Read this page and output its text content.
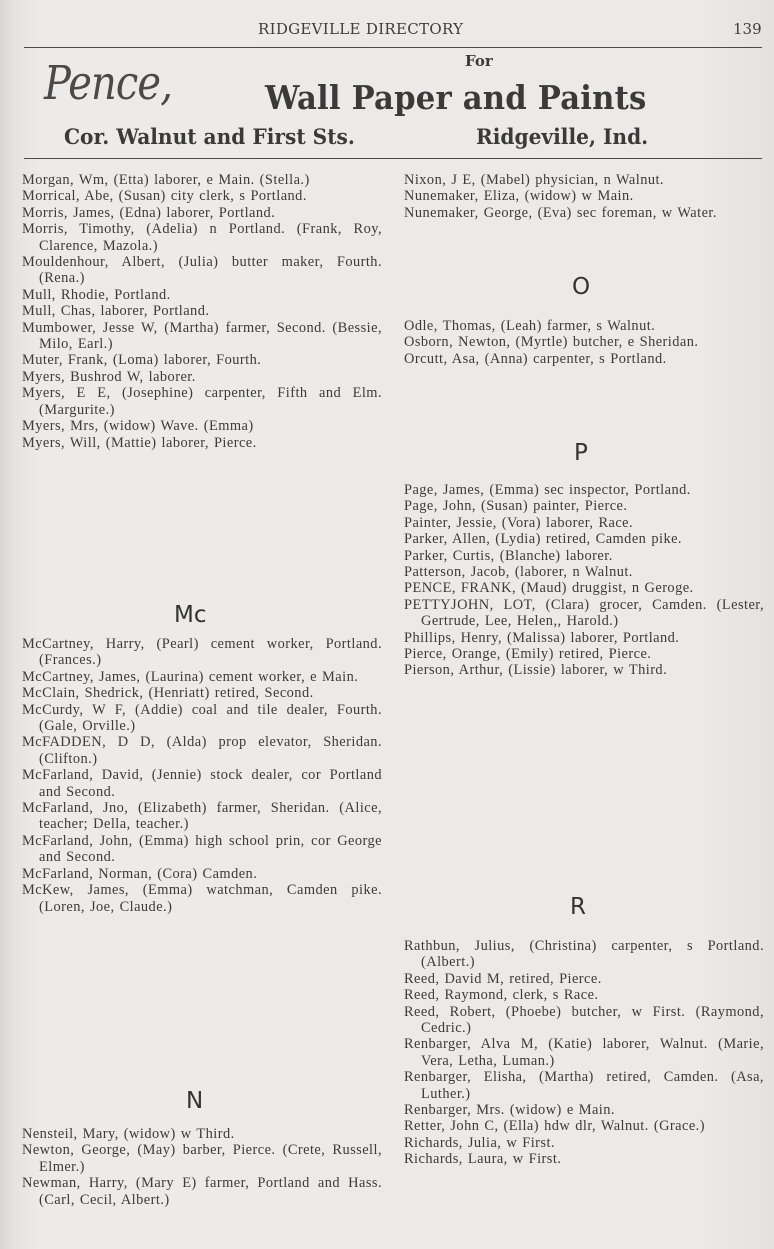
RIDGEVILLE DIRECTORY	139
Pence,	For
Wall Paper and Paints
Cor. Walnut and First Sts.	Ridgeville, Ind.
Morgan, Wm, (Etta) laborer, e Main. (Stella.)
Morrical, Abe, (Susan) city clerk, s Portland.
Morris, James, (Edna) laborer, Portland.
Morris, Timothy, (Adelia) n Portland. (Frank, Roy, Clarence, Mazola.)
Mouldenhour, Albert, (Julia) butter maker, Fourth. (Rena.)
Mull, Rhodie, Portland.
Mull, Chas, laborer, Portland.
Mumbower, Jesse W, (Martha) farmer, Second. (Bessie, Milo, Earl.)
Muter, Frank, (Loma) laborer, Fourth.
Myers, Bushrod W, laborer.
Myers, E E, (Josephine) carpenter, Fifth and Elm. (Margurite.)
Myers, Mrs, (widow) Wave. (Emma)
Myers, Will, (Mattie) laborer, Pierce.
Mc
McCartney, Harry, (Pearl) cement worker, Portland. (Frances.)
McCartney, James, (Laurina) cement worker, e Main.
McClain, Shedrick, (Henriatt) retired, Second.
McCurdy, W F, (Addie) coal and tile dealer, Fourth. (Gale, Orville.)
McFADDEN, D D, (Alda) prop elevator, Sheridan. (Clifton.)
McFarland, David, (Jennie) stock dealer, cor Portland and Second.
McFarland, Jno, (Elizabeth) farmer, Sheridan. (Alice, teacher; Della, teacher.)
McFarland, John, (Emma) high school prin, cor George and Second.
McFarland, Norman, (Cora) Camden.
McKew, James, (Emma) watchman, Camden pike. (Loren, Joe, Claude.)
N
Nensteil, Mary, (widow) w Third.
Newton, George, (May) barber, Pierce. (Crete, Russell, Elmer.)
Newman, Harry, (Mary E) farmer, Portland and Hass. (Carl, Cecil, Albert.)
Nixon, J E, (Mabel) physician, n Walnut.
Nunemaker, Eliza, (widow) w Main.
Nunemaker, George, (Eva) sec foreman, w Water.
O
Odle, Thomas, (Leah) farmer, s Walnut.
Osborn, Newton, (Myrtle) butcher, e Sheridan.
Orcutt, Asa, (Anna) carpenter, s Portland.
P
Page, James, (Emma) sec inspector, Portland.
Page, John, (Susan) painter, Pierce.
Painter, Jessie, (Vora) laborer, Race.
Parker, Allen, (Lydia) retired, Camden pike.
Parker, Curtis, (Blanche) laborer.
Patterson, Jacob, (laborer, n Walnut.
PENCE, FRANK, (Maud) druggist, n Geroge.
PETTYJOHN, LOT, (Clara) grocer, Camden. (Lester, Gertrude, Lee, Helen,, Harold.)
Phillips, Henry, (Malissa) laborer, Portland.
Pierce, Orange, (Emily) retired, Pierce.
Pierson, Arthur, (Lissie) laborer, w Third.
R
Rathbun, Julius, (Christina) carpenter, s Portland. (Albert.)
Reed, David M, retired, Pierce.
Reed, Raymond, clerk, s Race.
Reed, Robert, (Phoebe) butcher, w First. (Raymond, Cedric.)
Renbarger, Alva M, (Katie) laborer, Walnut. (Marie, Vera, Letha, Luman.)
Renbarger, Elisha, (Martha) retired, Camden. (Asa, Luther.)
Renbarger, Mrs. (widow) e Main.
Retter, John C, (Ella) hdw dlr, Walnut. (Grace.)
Richards, Julia, w First.
Richards, Laura, w First.
